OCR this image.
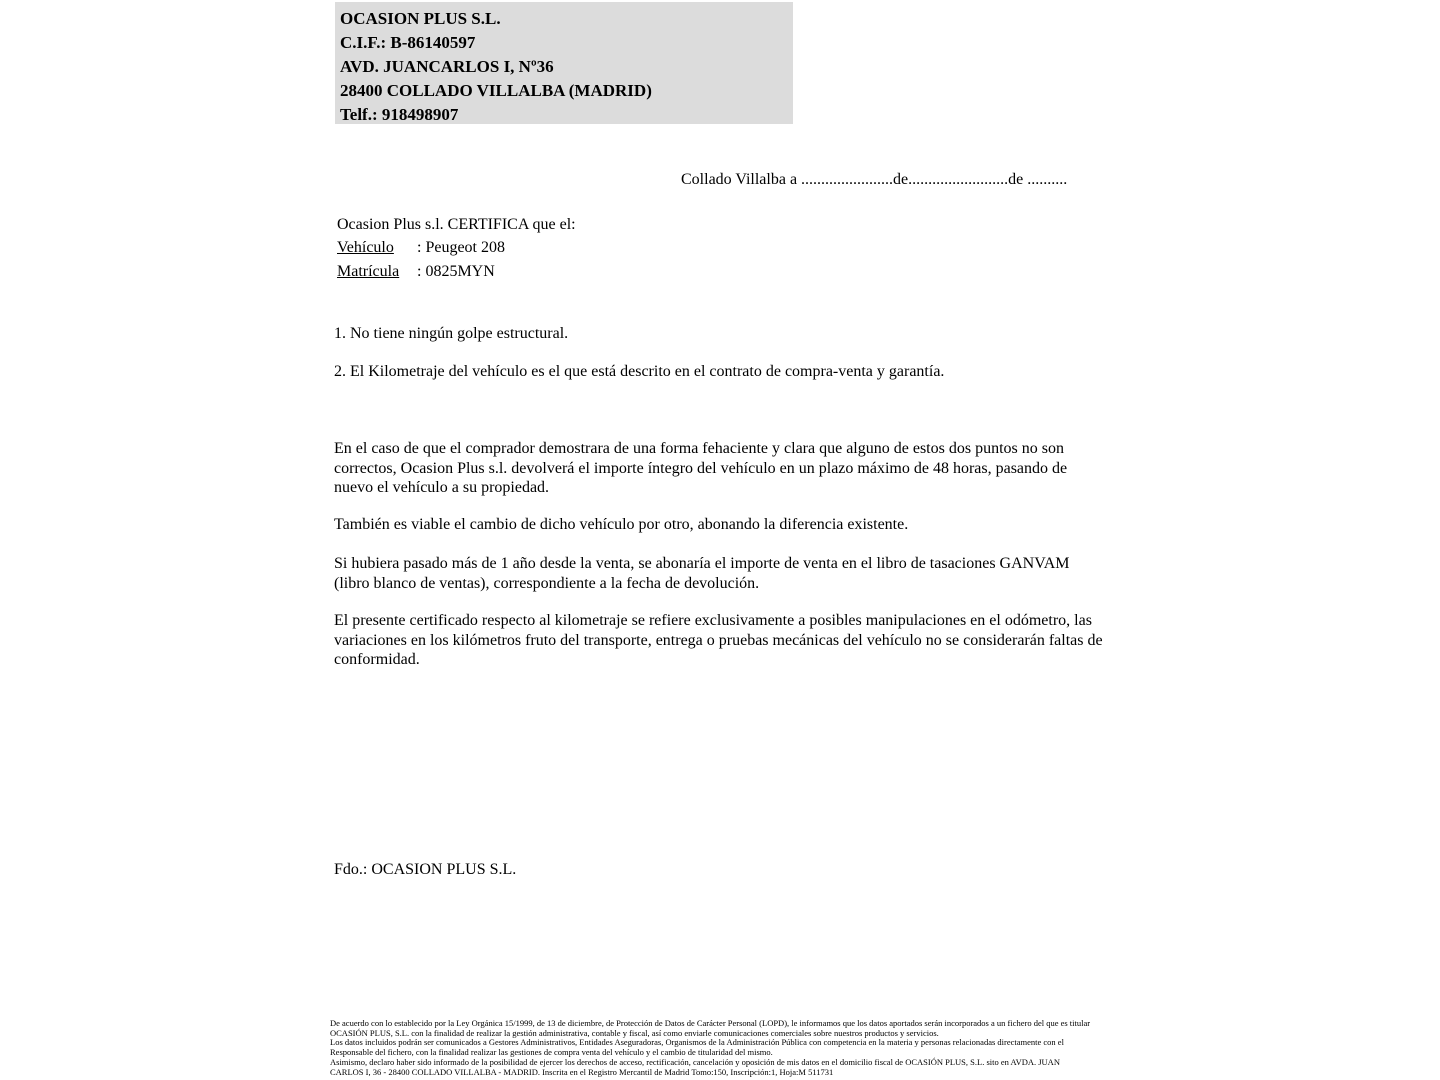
OCASION PLUS S.L.
C.I.F.: B-86140597
AVD. JUANCARLOS I, Nº36
28400 COLLADO VILLALBA (MADRID)
Telf.: 918498907
Collado Villalba a .......................de.........................de ..........
Ocasion Plus s.l. CERTIFICA que el:
Vehículo	: Peugeot 208
Matrícula	: 0825MYN
1. No tiene ningún golpe estructural.
2. El Kilometraje del vehículo es el que está descrito en el contrato de compra-venta y garantía.
En el caso de que el comprador demostrara de una forma fehaciente y clara que alguno de estos dos puntos no son correctos, Ocasion Plus s.l. devolverá el importe íntegro del vehículo en un plazo máximo de 48 horas, pasando de nuevo el vehículo a su propiedad.
También es viable el cambio de dicho vehículo por otro, abonando la diferencia existente.
Si hubiera pasado más de 1 año desde la venta, se abonaría el importe de venta en el libro de tasaciones GANVAM (libro blanco de ventas), correspondiente a la fecha de devolución.
El presente certificado respecto al kilometraje se refiere exclusivamente a posibles manipulaciones en el odómetro, las variaciones en los kilómetros fruto del transporte, entrega o pruebas mecánicas del vehículo no se considerarán faltas de conformidad.
Fdo.: OCASION PLUS S.L.
De acuerdo con lo establecido por la Ley Orgánica 15/1999, de 13 de diciembre, de Protección de Datos de Carácter Personal (LOPD), le informamos que los datos aportados serán incorporados a un fichero del que es titular
OCASIÓN PLUS, S.L. con la finalidad de realizar la gestión administrativa, contable y fiscal, así como enviarle comunicaciones comerciales sobre nuestros productos y servicios.
Los datos incluidos podrán ser comunicados a Gestores Administrativos, Entidades Aseguradoras, Organismos de la Administración Pública con competencia en la materia y personas relacionadas directamente con el
Responsable del fichero, con la finalidad realizar las gestiones de compra venta del vehículo y el cambio de titularidad del mismo.
Asimismo, declaro haber sido informado de la posibilidad de ejercer los derechos de acceso, rectificación, cancelación y oposición de mis datos en el domicilio fiscal de OCASIÓN PLUS, S.L. sito en AVDA. JUAN
CARLOS I, 36 - 28400 COLLADO VILLALBA - MADRID. Inscrita en el Registro Mercantil de Madrid Tomo:150, Inscripción:1, Hoja:M 511731
